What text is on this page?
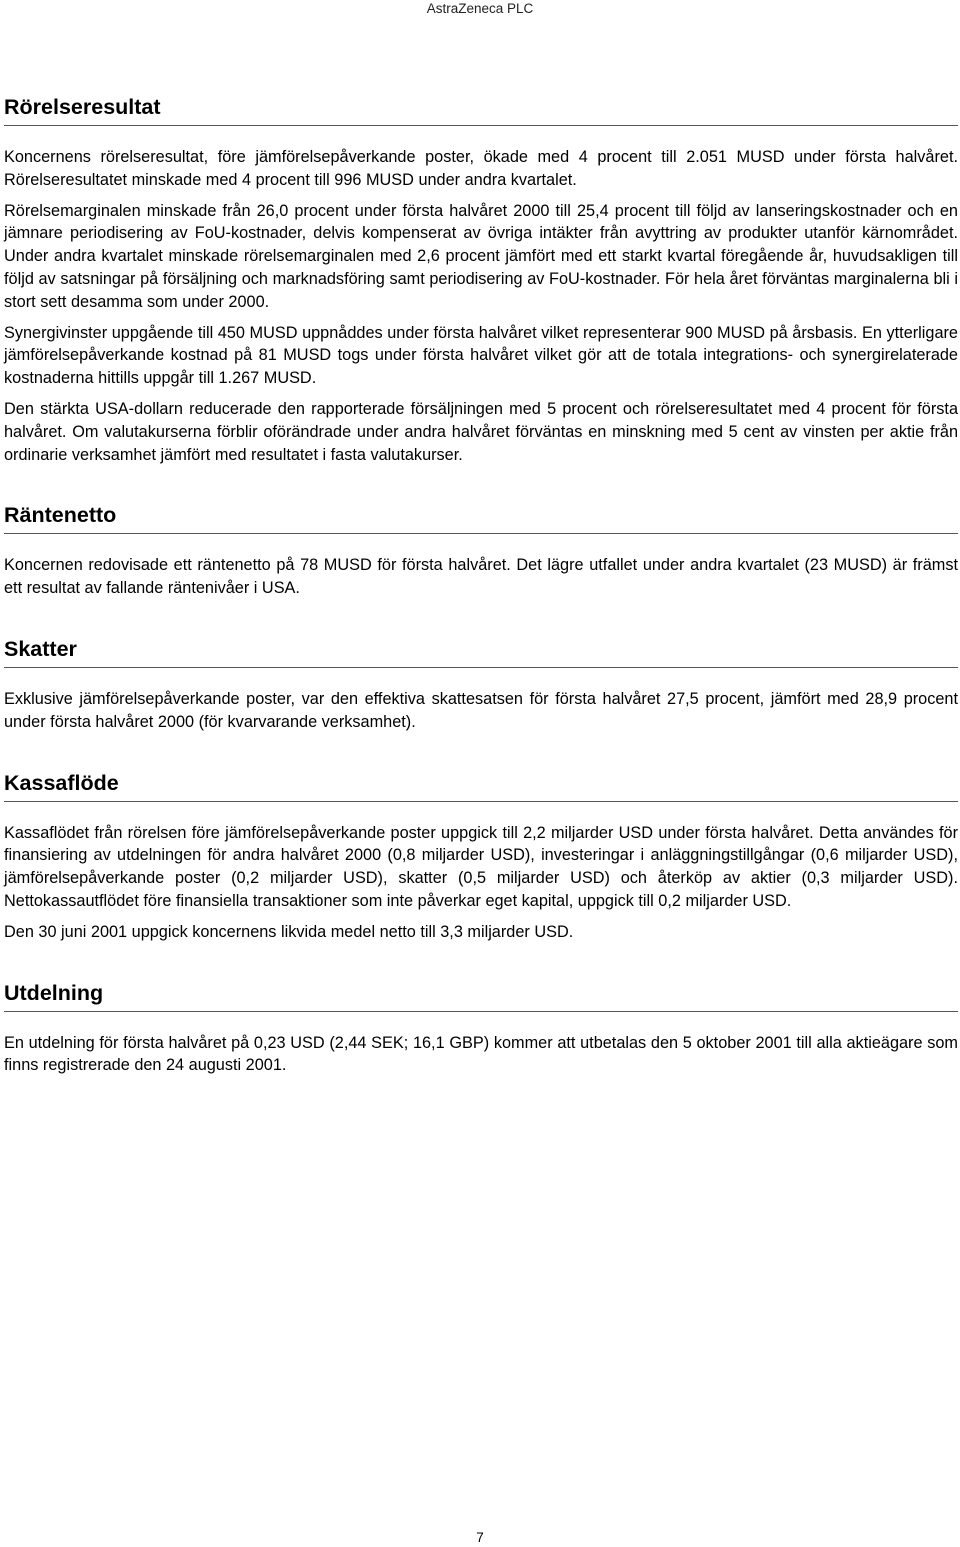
AstraZeneca PLC
Rörelseresultat

Koncernens rörelseresultat, före jämförelsepåverkande poster, ökade med 4 procent till 2.051 MUSD under första halvåret. Rörelseresultatet minskade med 4 procent till 996 MUSD under andra kvartalet.

Rörelsemarginalen minskade från 26,0 procent under första halvåret 2000 till 25,4 procent till följd av lanseringskostnader och en jämnare periodisering av FoU-kostnader, delvis kompenserat av övriga intäkter från avyttring av produkter utanför kärnområdet. Under andra kvartalet minskade rörelsemarginalen med 2,6 procent jämfört med ett starkt kvartal föregående år, huvudsakligen till följd av satsningar på försäljning och marknadsföring samt periodisering av FoU-kostnader. För hela året förväntas marginalerna bli i stort sett desamma som under 2000.

Synergivinster uppgående till 450 MUSD uppnåddes under första halvåret vilket representerar 900 MUSD på årsbasis. En ytterligare jämförelsepåverkande kostnad på 81 MUSD togs under första halvåret vilket gör att de totala integrations- och synergirelaterade kostnaderna hittills uppgår till 1.267 MUSD.

Den stärkta USA-dollarn reducerade den rapporterade försäljningen med 5 procent och rörelseresultatet med 4 procent för första halvåret. Om valutakurserna förblir oförändrade under andra halvåret förväntas en minskning med 5 cent av vinsten per aktie från ordinarie verksamhet jämfört med resultatet i fasta valutakurser.

Räntenetto

Koncernen redovisade ett räntenetto på 78 MUSD för första halvåret. Det lägre utfallet under andra kvartalet (23 MUSD) är främst ett resultat av fallande räntenivåer i USA.

Skatter

Exklusive jämförelsepåverkande poster, var den effektiva skattesatsen för första halvåret 27,5 procent, jämfört med 28,9 procent under första halvåret 2000 (för kvarvarande verksamhet).

Kassaflöde

Kassaflödet från rörelsen före jämförelsepåverkande poster uppgick till 2,2 miljarder USD under första halvåret. Detta användes för finansiering av utdelningen för andra halvåret 2000 (0,8 miljarder USD), investeringar i anläggningstillgångar (0,6 miljarder USD), jämförelsepåverkande poster (0,2 miljarder USD), skatter (0,5 miljarder USD) och återköp av aktier (0,3 miljarder USD). Nettokassautflödet före finansiella transaktioner som inte påverkar eget kapital, uppgick till 0,2 miljarder USD.

Den 30 juni 2001 uppgick koncernens likvida medel netto till 3,3 miljarder USD.

Utdelning

En utdelning för första halvåret på 0,23 USD (2,44 SEK; 16,1 GBP) kommer att utbetalas den 5 oktober 2001 till alla aktieägare som finns registrerade den 24 augusti 2001.

7
